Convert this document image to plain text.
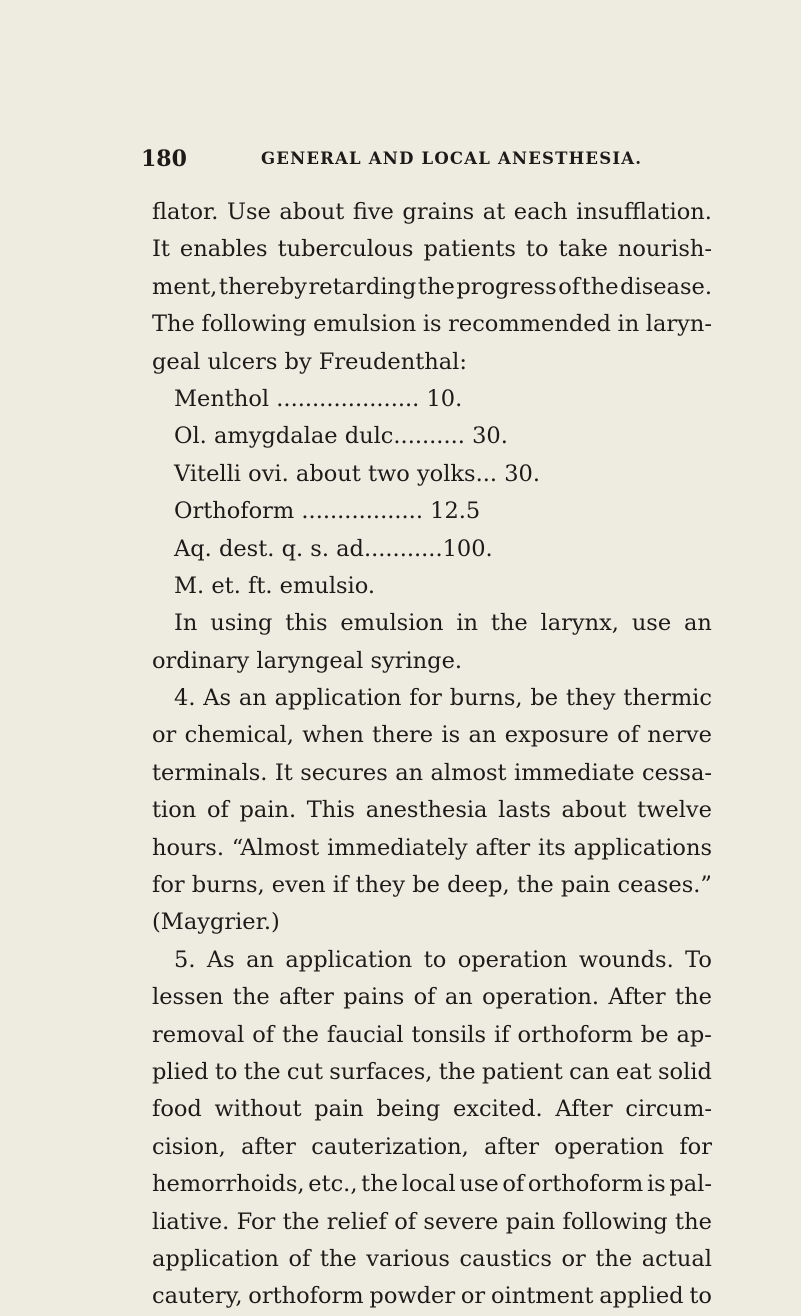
180	GENERAL AND LOCAL ANESTHESIA.
flator. Use about five grains at each insufflation.
It enables tuberculous patients to take nourish-
ment, thereby retarding the progress of the disease.
The following emulsion is recommended in laryn-
geal ulcers by Freudenthal:
Menthol .................... 10.
Ol. amygdalae dulc.......... 30.
Vitelli ovi. about two yolks... 30.
Orthoform ................. 12.5
Aq. dest. q. s. ad...........100.
M. et. ft. emulsio.
In using this emulsion in the larynx, use an
ordinary laryngeal syringe.
4. As an application for burns, be they thermic
or chemical, when there is an exposure of nerve
terminals. It secures an almost immediate cessa-
tion of pain. This anesthesia lasts about twelve
hours. “Almost immediately after its applications
for burns, even if they be deep, the pain ceases.”
(Maygrier.)
5. As an application to operation wounds. To
lessen the after pains of an operation. After the
removal of the faucial tonsils if orthoform be ap-
plied to the cut surfaces, the patient can eat solid
food without pain being excited. After circum-
cision, after cauterization, after operation for
hemorrhoids, etc., the local use of orthoform is pal-
liative. For the relief of severe pain following the
application of the various caustics or the actual
cautery, orthoform powder or ointment applied to
